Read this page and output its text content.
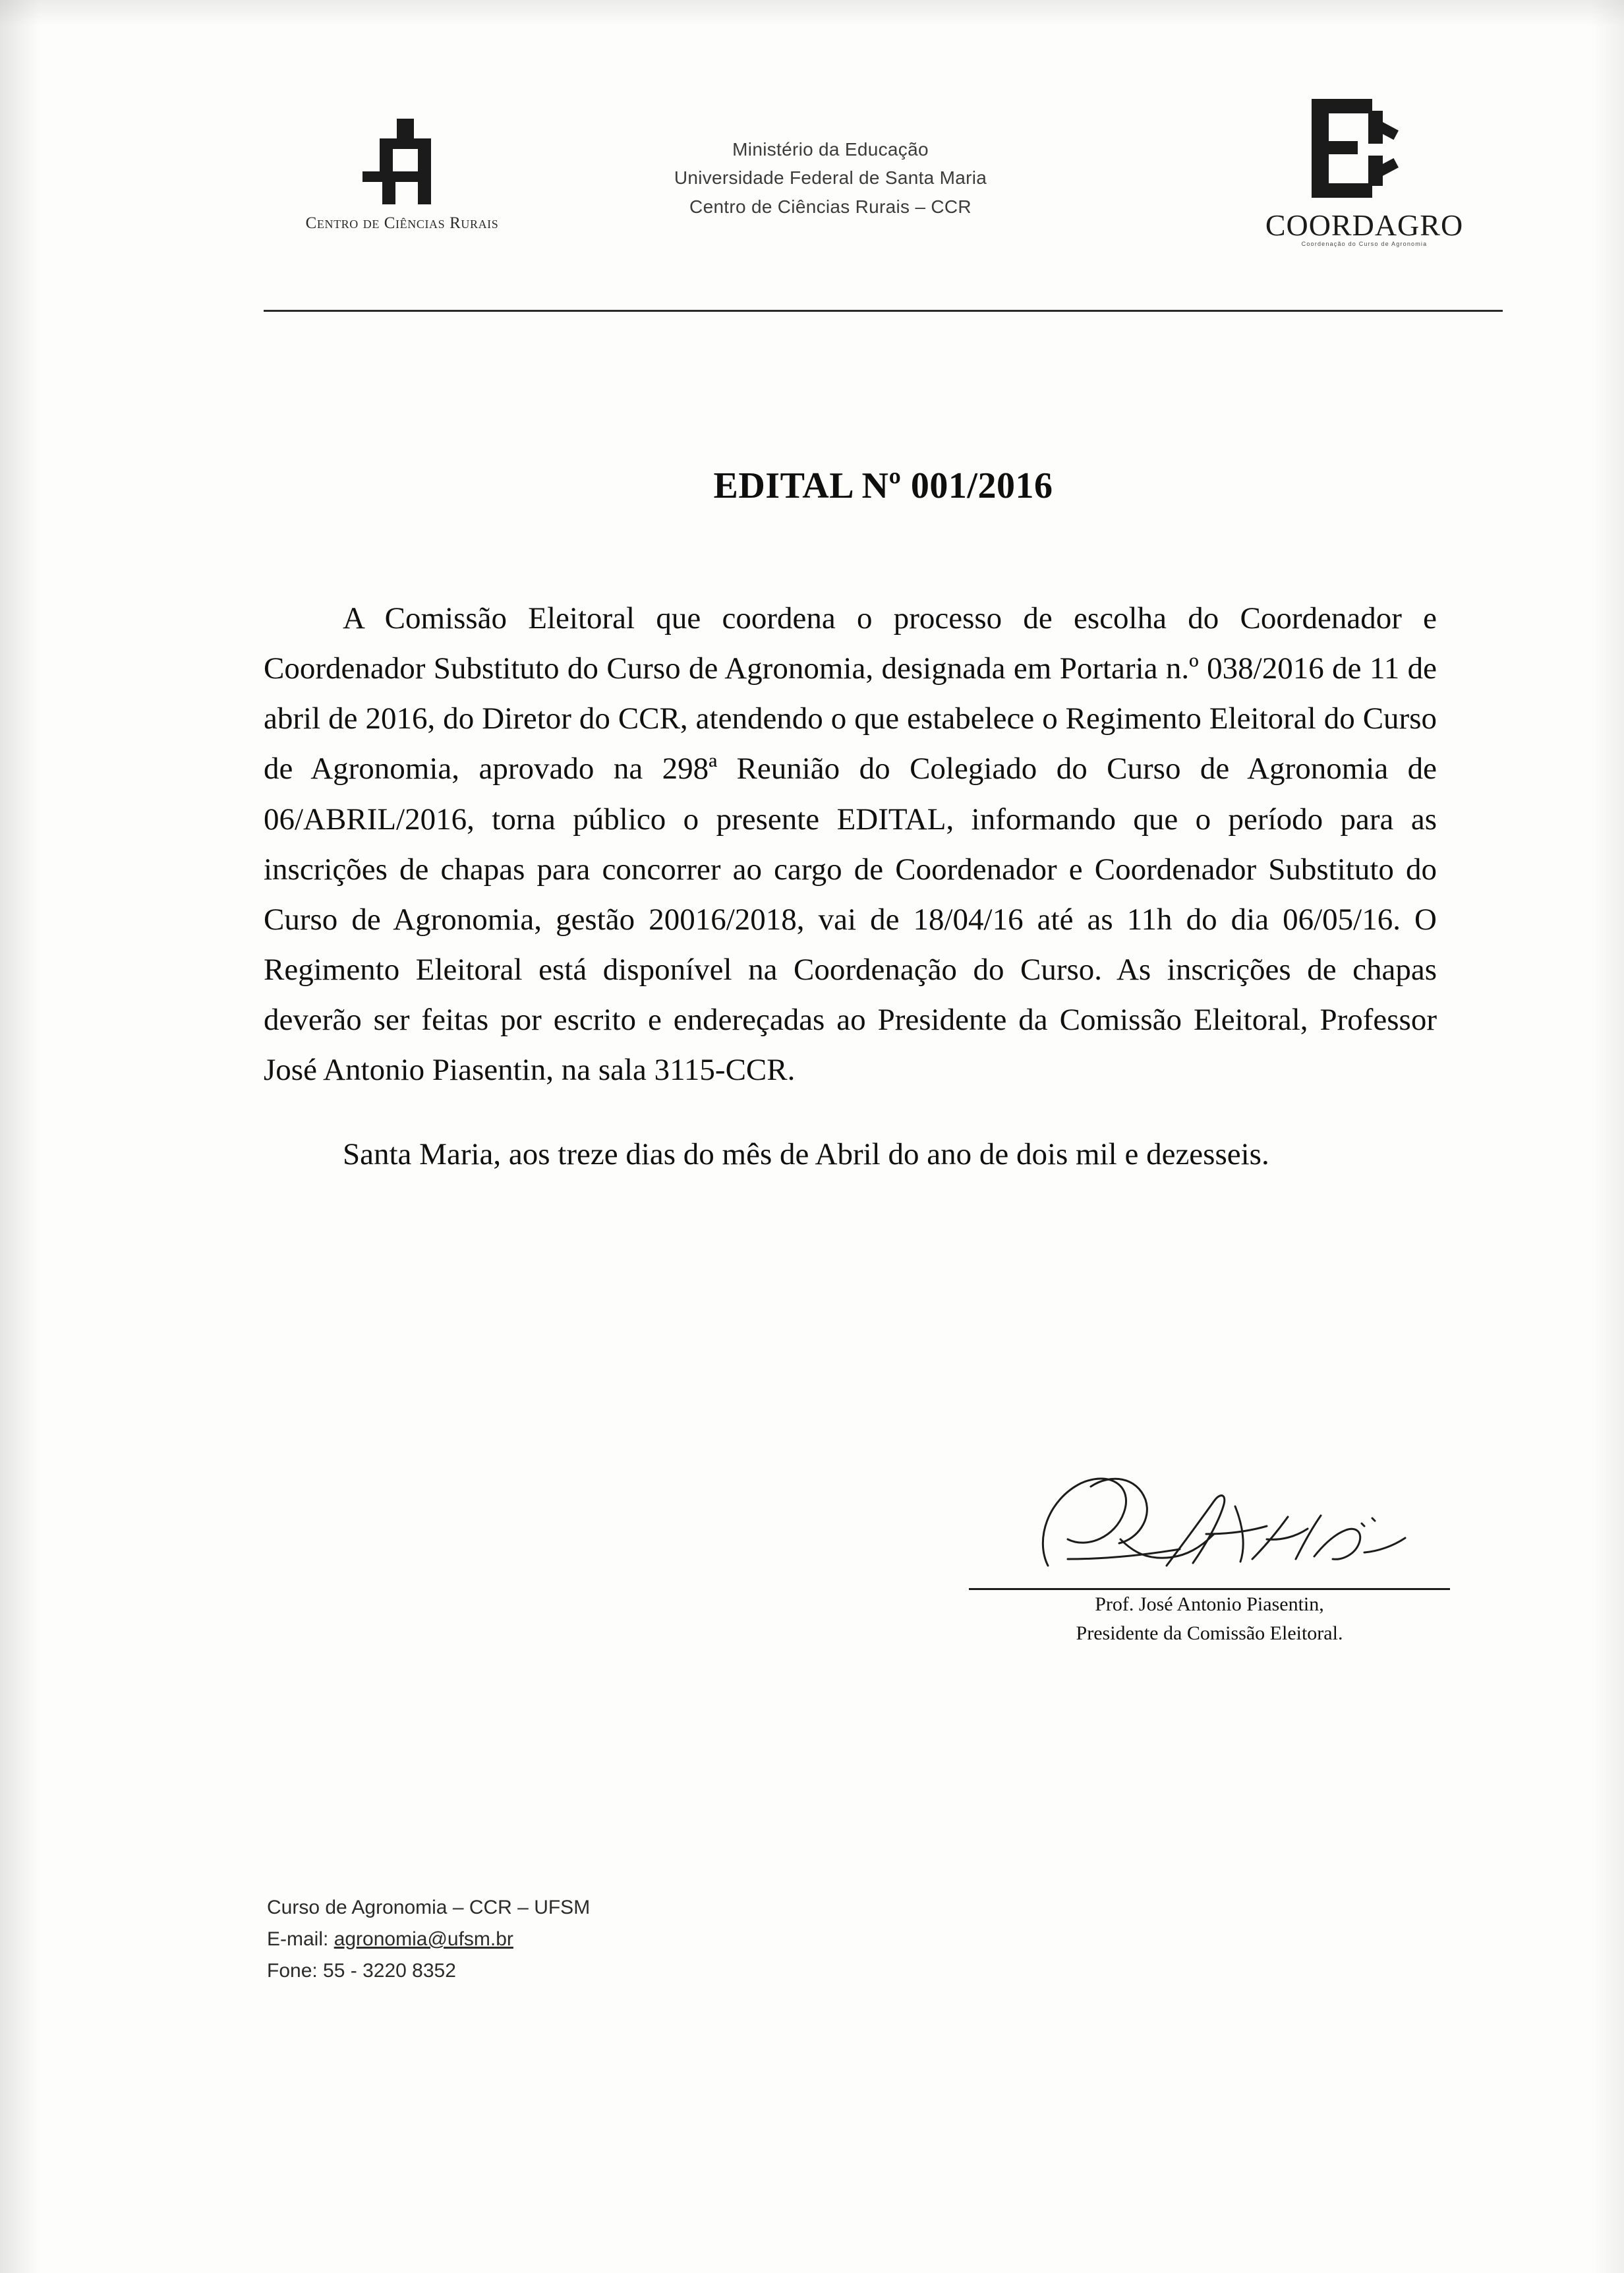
Centro de Ciências Rurais
Ministério da Educação
Universidade Federal de Santa Maria
Centro de Ciências Rurais – CCR
COORDAGRO
Coordenação do Curso de Agronomia
EDITAL Nº 001/2016

A Comissão Eleitoral que coordena o processo de escolha do Coordenador e Coordenador Substituto do Curso de Agronomia, designada em Portaria n.º 038/2016 de 11 de abril de 2016, do Diretor do CCR, atendendo o que estabelece o Regimento Eleitoral do Curso de Agronomia, aprovado na 298ª Reunião do Colegiado do Curso de Agronomia de 06/ABRIL/2016, torna público o presente EDITAL, informando que o período para as inscrições de chapas para concorrer ao cargo de Coordenador e Coordenador Substituto do Curso de Agronomia, gestão 20016/2018, vai de 18/04/16 até as 11h do dia 06/05/16. O Regimento Eleitoral está disponível na Coordenação do Curso. As inscrições de chapas deverão ser feitas por escrito e endereçadas ao Presidente da Comissão Eleitoral, Professor José Antonio Piasentin, na sala 3115-CCR.

Santa Maria, aos treze dias do mês de Abril do ano de dois mil e dezesseis.

Prof. José Antonio Piasentin,
Presidente da Comissão Eleitoral.
Curso de Agronomia – CCR – UFSM
E-mail: agronomia@ufsm.br
Fone: 55 - 3220 8352
